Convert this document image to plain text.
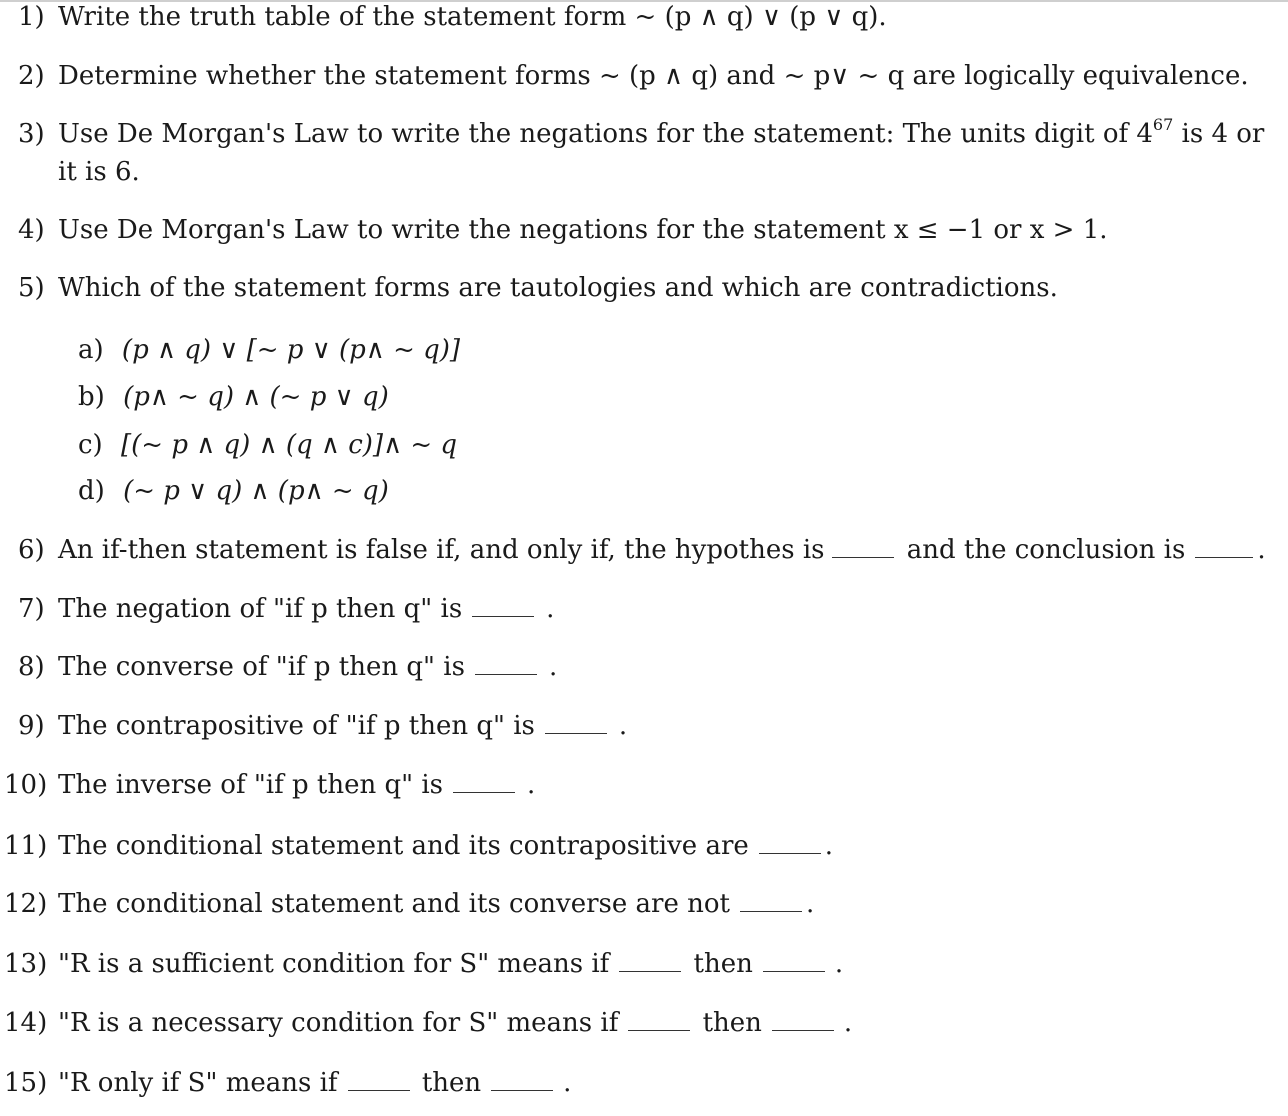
1) Write the truth table of the statement form ~ (p ∧ q) ∨ (p ∨ q).
2) Determine whether the statement forms ~ (p ∧ q) and ~ p∨ ~ q are logically equivalence.
3) Use De Morgan's Law to write the negations for the statement: The units digit of $4^{67}$ is 4 or
it is 6.
4) Use De Morgan's Law to write the negations for the statement x ≤ −1 or x > 1.
5) Which of the statement forms are tautologies and which are contradictions.
a) (p ∧ q) ∨ [~ p ∨ (p∧ ~ q)]
b) (p∧ ~ q) ∧ (~ p ∨ q)
c) [(~ p ∧ q) ∧ (q ∧ c)]∧ ~ q
d) (~ p ∨ q) ∧ (p∧ ~ q)
6) An if-then statement is false if, and only if, the hypothes is	and the conclusion is	.
7) The negation of "if p then q" is	.
8) The converse of "if p then q" is	.
9) The contrapositive of "if p then q" is	.
10) The inverse of "if p then q" is	.
11) The conditional statement and its contrapositive are	.
12) The conditional statement and its converse are not	.
13) "R is a sufficient condition for S" means if	then	.
14) "R is a necessary condition for S" means if	then	.
15) "R only if S" means if	then	.
